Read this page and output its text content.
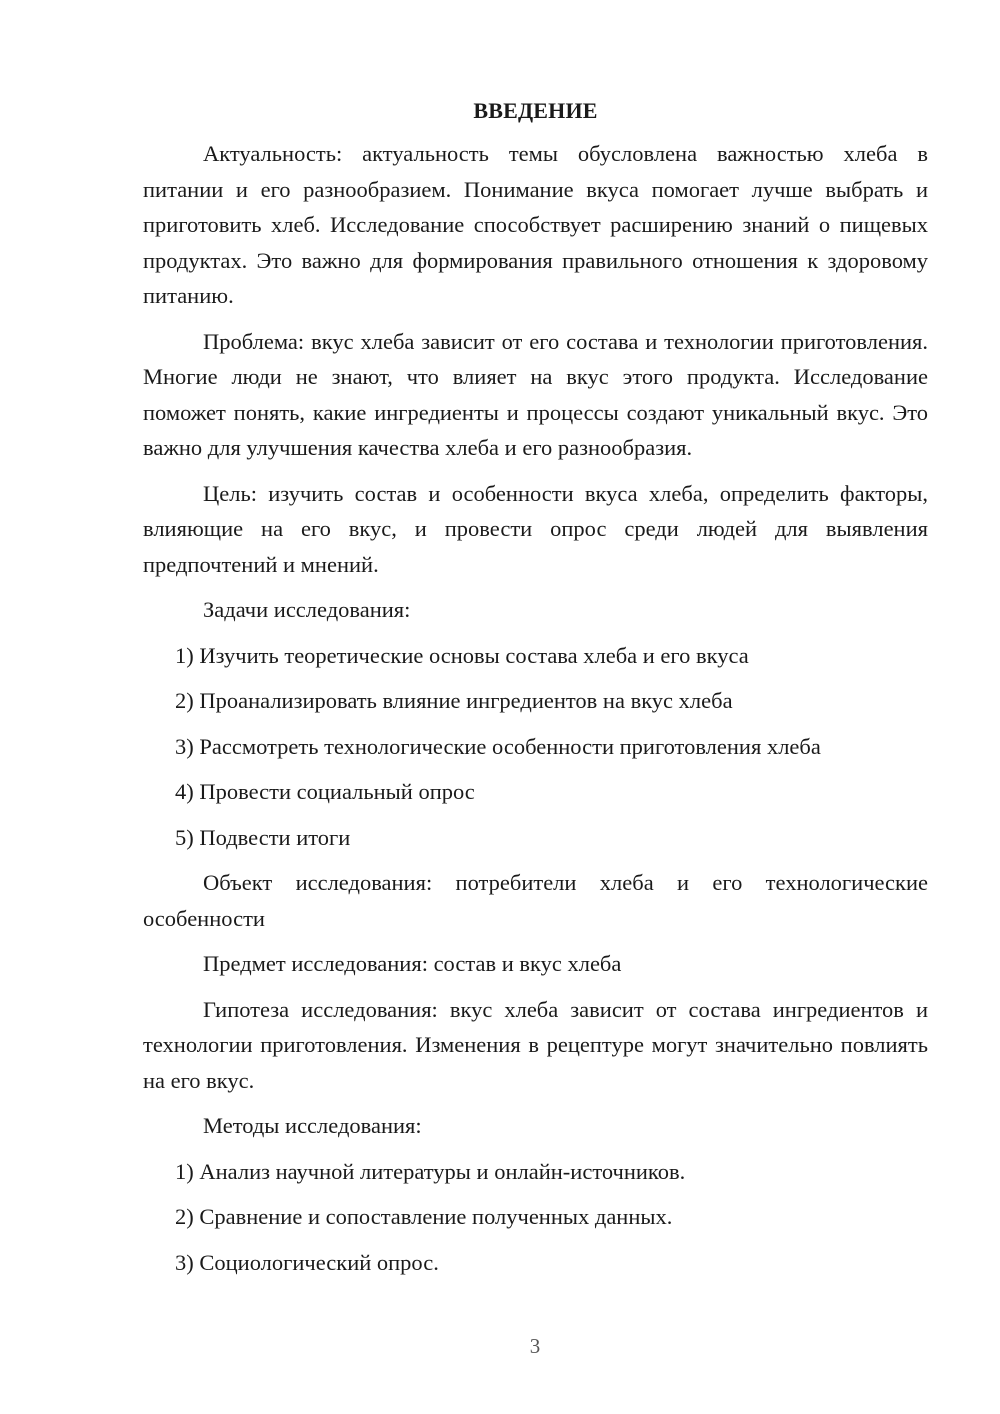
ВВЕДЕНИЕ

Актуальность: актуальность темы обусловлена важностью хлеба в питании и его разнообразием. Понимание вкуса помогает лучше выбрать и приготовить хлеб. Исследование способствует расширению знаний о пищевых продуктах. Это важно для формирования правильного отношения к здоровому питанию.

Проблема: вкус хлеба зависит от его состава и технологии приготовления. Многие люди не знают, что влияет на вкус этого продукта. Исследование поможет понять, какие ингредиенты и процессы создают уникальный вкус. Это важно для улучшения качества хлеба и его разнообразия.

Цель: изучить состав и особенности вкуса хлеба, определить факторы, влияющие на его вкус, и провести опрос среди людей для выявления предпочтений и мнений.

Задачи исследования:

1) Изучить теоретические основы состава хлеба и его вкуса
2) Проанализировать влияние ингредиентов на вкус хлеба
3) Рассмотреть технологические особенности приготовления хлеба
4) Провести социальный опрос
5) Подвести итоги

Объект исследования: потребители хлеба и его технологические особенности

Предмет исследования: состав и вкус хлеба

Гипотеза исследования: вкус хлеба зависит от состава ингредиентов и технологии приготовления. Изменения в рецептуре могут значительно повлиять на его вкус.

Методы исследования:

1) Анализ научной литературы и онлайн-источников.
2) Сравнение и сопоставление полученных данных.
3) Социологический опрос.
3
